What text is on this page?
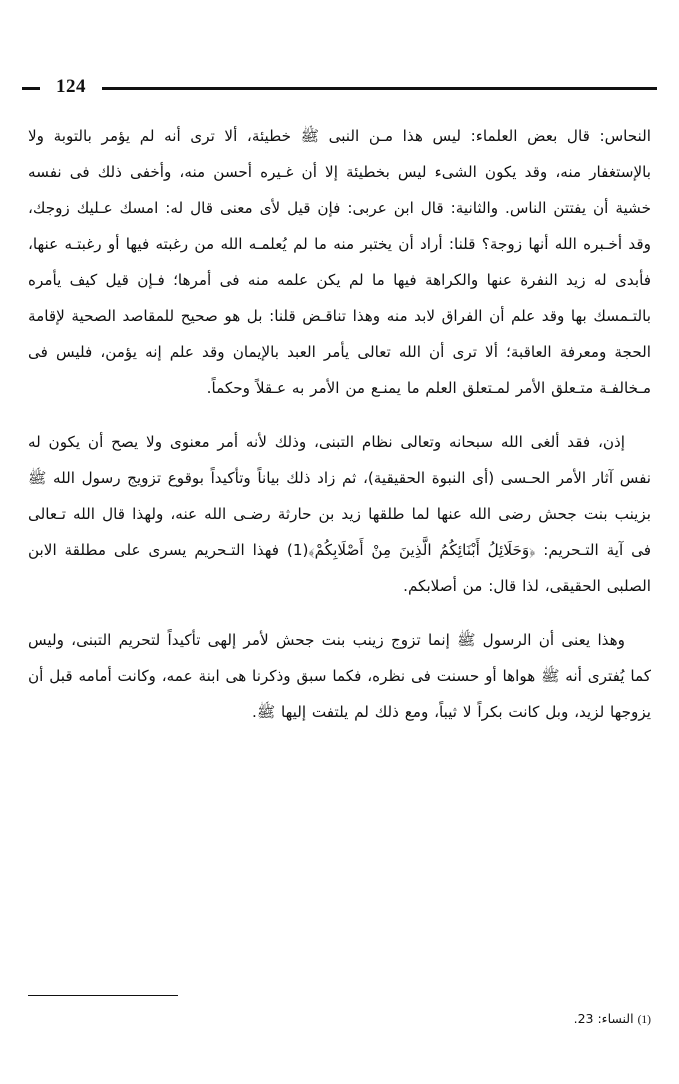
124

النحاس: قال بعض العلماء: ليس هذا مـن النبى ﷺ خطيئة، ألا ترى أنه لم يؤمر بالتوبة ولا بالإستغفار منه، وقد يكون الشىء ليس بخطيئة إلا أن غـيره أحسن منه، وأخفى ذلك فى نفسه خشية أن يفتتن الناس. والثانية: قال ابن عربى: فإن قيل لأى معنى قال له: امسك عـليك زوجك، وقد أخـبره الله أنها زوجة؟ قلنا: أراد أن يختبر منه ما لم يُعلمـه الله من رغبته فيها أو رغبتـه عنها، فأبدى له زيد النفرة عنها والكراهة فيها ما لم يكن علمه منه فى أمرها؛ فـإن قيل كيف يأمره بالتـمسك بها وقد علم أن الفراق لابد منه وهذا تناقـض قلنا: بل هو صحيح للمقاصد الصحية لإقامة الحجة ومعرفة العاقبة؛ ألا ترى أن الله تعالى يأمر العبد بالإيمان وقد علم إنه يؤمن، فليس فى مـخالفـة متـعلق الأمر لمـتعلق العلم ما يمنـع من الأمر به عـقلاً وحكماً.

إذن، فقد ألغى الله سبحانه وتعالى نظام التبنى، وذلك لأنه أمر معنوى ولا يصح أن يكون له نفس آثار الأمر الحـسى (أى النبوة الحقيقية)، ثم زاد ذلك بياناً وتأكيداً بوقوع تزويج رسول الله ﷺ بزينب بنت جحش رضى الله عنها لما طلقها زيد بن حارثة رضـى الله عنه، ولهذا قال الله تـعالى فى آية التـحريم: ﴿وَحَلَائِلُ أَبْنَائِكُمُ الَّذِينَ مِنْ أَصْلَابِكُمْ﴾(1) فهذا التـحريم يسرى على مطلقة الابن الصلبى الحقيقى، لذا قال: من أصلابكم.

وهذا يعنى أن الرسول ﷺ إنما تزوج زينب بنت جحش لأمر إلهى تأكيداً لتحريم التبنى، وليس كما يُفترى أنه ﷺ هواها أو حسنت فى نظره، فكما سبق وذكرنا هى ابنة عمه، وكانت أمامه قبل أن يزوجها لزيد، وبل كانت بكراً لا ثيباً، ومع ذلك لم يلتفت إليها ﷺ.

(1) النساء: 23.
